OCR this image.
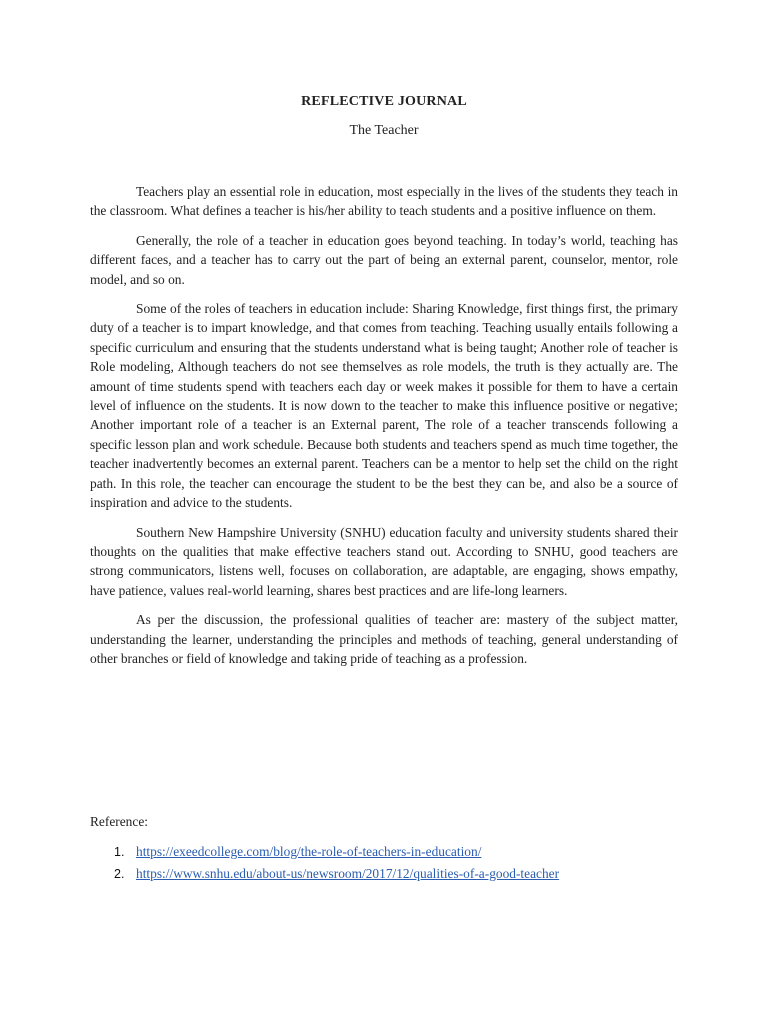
REFLECTIVE JOURNAL
The Teacher

Teachers play an essential role in education, most especially in the lives of the students they teach in the classroom. What defines a teacher is his/her ability to teach students and a positive influence on them.

Generally, the role of a teacher in education goes beyond teaching. In today’s world, teaching has different faces, and a teacher has to carry out the part of being an external parent, counselor, mentor, role model, and so on.

Some of the roles of teachers in education include: Sharing Knowledge, first things first, the primary duty of a teacher is to impart knowledge, and that comes from teaching. Teaching usually entails following a specific curriculum and ensuring that the students understand what is being taught; Another role of teacher is Role modeling, Although teachers do not see themselves as role models, the truth is they actually are. The amount of time students spend with teachers each day or week makes it possible for them to have a certain level of influence on the students. It is now down to the teacher to make this influence positive or negative; Another important role of a teacher is an External parent, The role of a teacher transcends following a specific lesson plan and work schedule. Because both students and teachers spend as much time together, the teacher inadvertently becomes an external parent. Teachers can be a mentor to help set the child on the right path. In this role, the teacher can encourage the student to be the best they can be, and also be a source of inspiration and advice to the students.

Southern New Hampshire University (SNHU) education faculty and university students shared their thoughts on the qualities that make effective teachers stand out. According to SNHU, good teachers are strong communicators, listens well, focuses on collaboration, are adaptable, are engaging, shows empathy, have patience, values real-world learning, shares best practices and are life-long learners.

As per the discussion, the professional qualities of teacher are: mastery of the subject matter, understanding the learner, understanding the principles and methods of teaching, general understanding of other branches or field of knowledge and taking pride of teaching as a profession.

Reference:
1. https://exeedcollege.com/blog/the-role-of-teachers-in-education/
2. https://www.snhu.edu/about-us/newsroom/2017/12/qualities-of-a-good-teacher
